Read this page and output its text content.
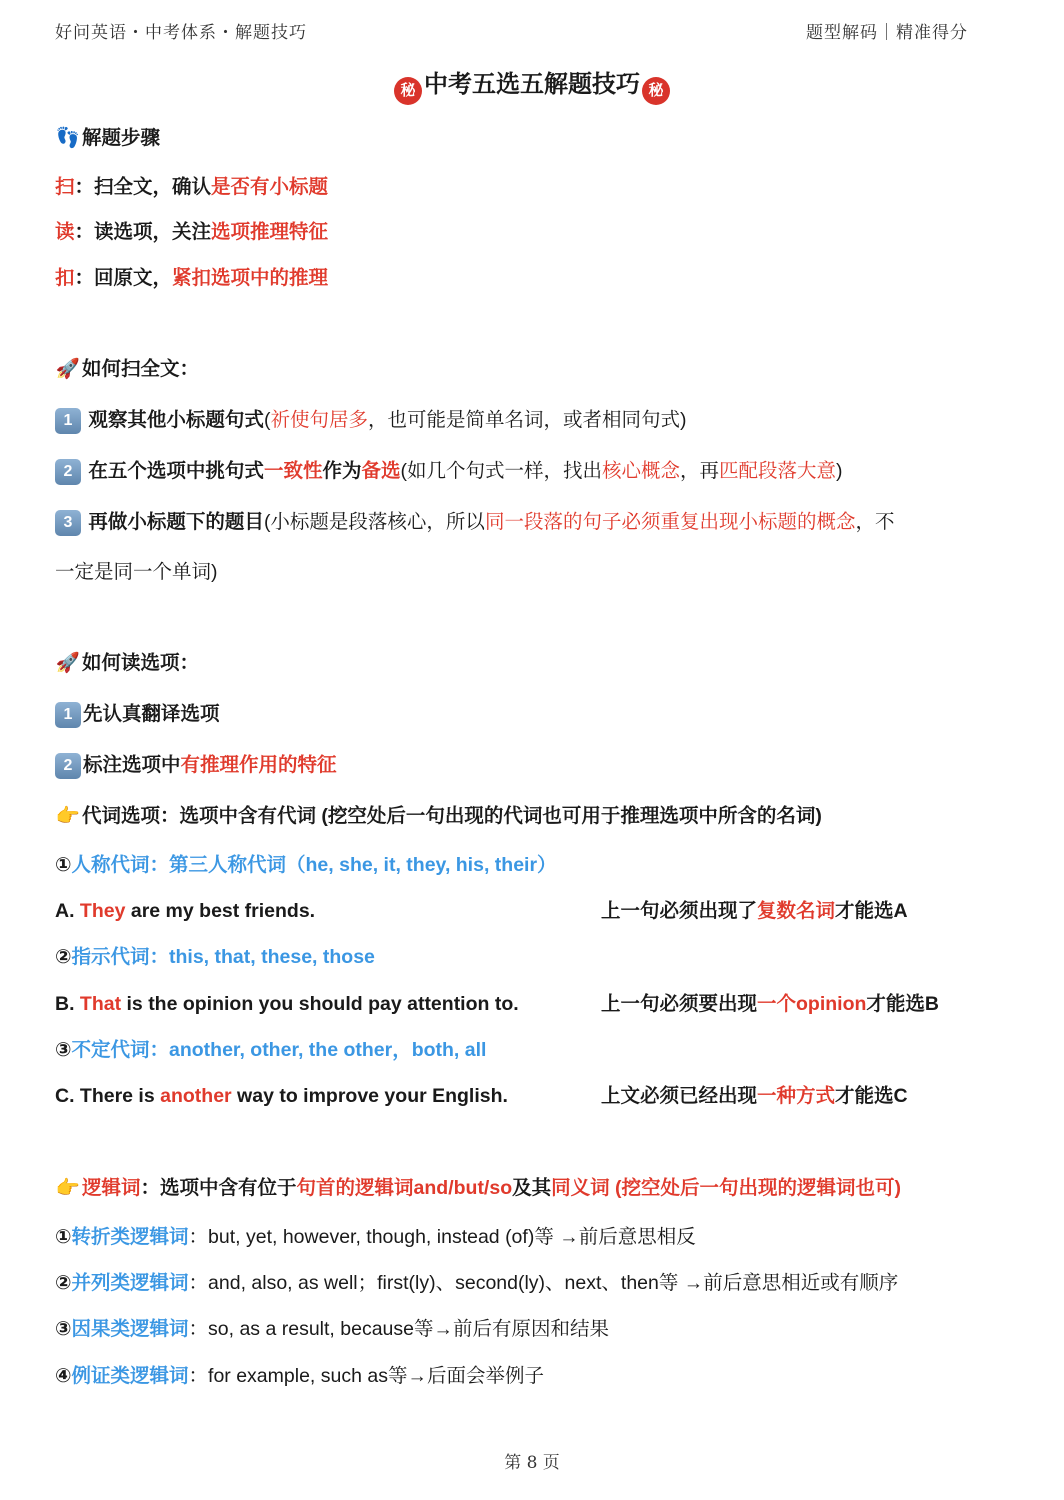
好问英语・中考体系・解题技巧	题型解码｜精准得分
秘 中考五选五解题技巧 秘
👣解题步骤
扫：扫全文，确认是否有小标题
读：读选项，关注选项推理特征
扣：回原文，紧扣选项中的推理
🚀如何扫全文：
1 观察其他小标题句式(祈使句居多，也可能是简单名词，或者相同句式)
2 在五个选项中挑句式一致性作为备选(如几个句式一样，找出核心概念，再匹配段落大意)
3 再做小标题下的题目(小标题是段落核心，所以同一段落的句子必须重复出现小标题的概念，不
一定是同一个单词)
🚀如何读选项：
1 先认真翻译选项
2 标注选项中有推理作用的特征
👉代词选项：选项中含有代词 (挖空处后一句出现的代词也可用于推理选项中所含的名词)
①人称代词：第三人称代词（he, she, it, they, his, their）
A. They are my best friends.	上一句必须出现了复数名词才能选A
②指示代词：this, that, these, those
B. That is the opinion you should pay attention to.	上一句必须要出现一个opinion才能选B
③不定代词：another, other, the other，both, all
C. There is another way to improve your English.	上文必须已经出现一种方式才能选C
👉逻辑词：选项中含有位于句首的逻辑词and/but/so及其同义词 (挖空处后一句出现的逻辑词也可)
①转折类逻辑词：but, yet, however, though, instead (of)等 →前后意思相反
②并列类逻辑词：and, also, as well；first(ly)、second(ly)、next、then等 →前后意思相近或有顺序
③因果类逻辑词：so, as a result, because等→前后有原因和结果
④例证类逻辑词：for example, such as等→后面会举例子
第 8 页
